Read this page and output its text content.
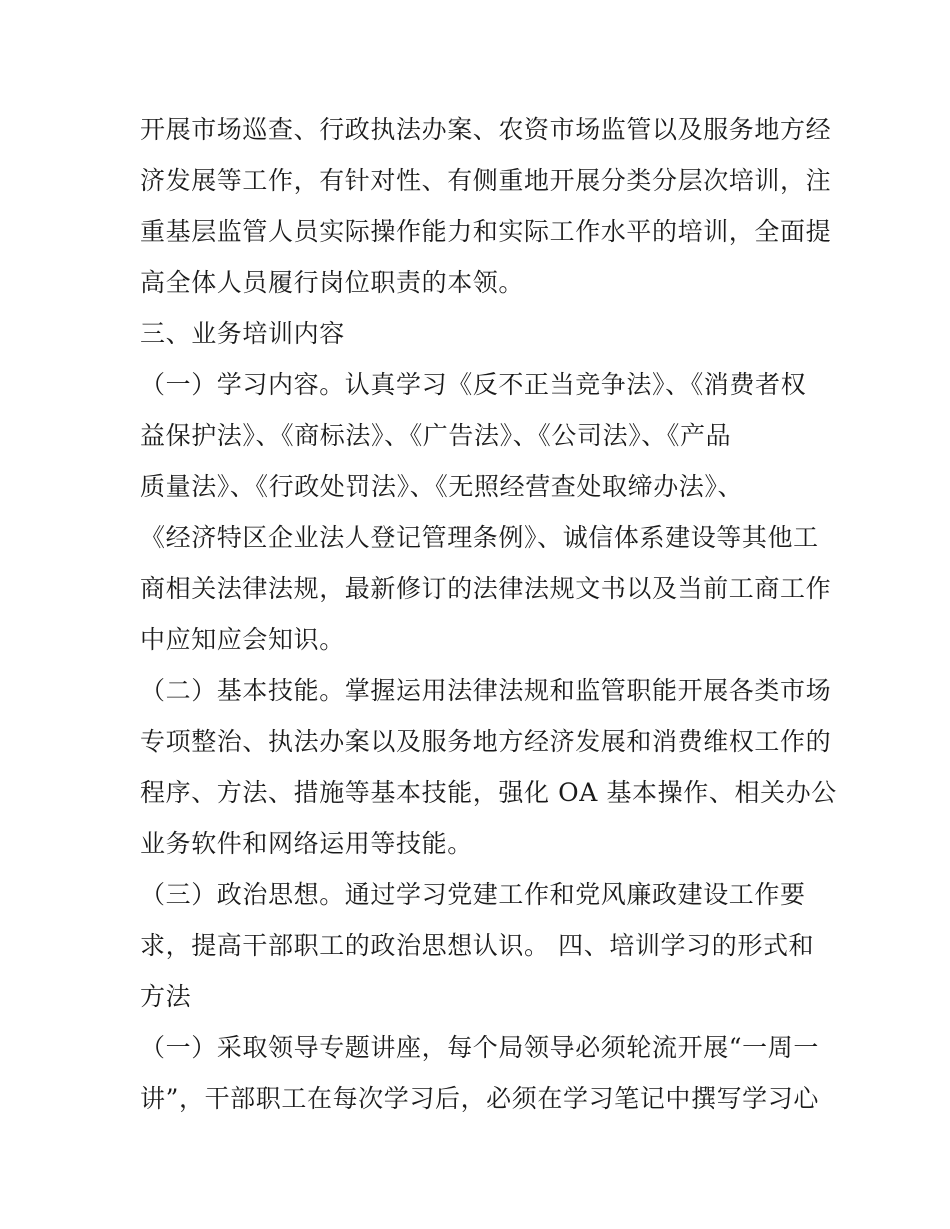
开展市场巡查、行政执法办案、农资市场监管以及服务地方经
济发展等工作，有针对性、有侧重地开展分类分层次培训，注
重基层监管人员实际操作能力和实际工作水平的培训，全面提
高全体人员履行岗位职责的本领。
三、业务培训内容
（一）学习内容。认真学习《反不正当竞争法》、《消费者权
益保护法》、《商标法》、《广告法》、《公司法》、《产品
质量法》、《行政处罚法》、《无照经营查处取缔办法》、
《经济特区企业法人登记管理条例》、诚信体系建设等其他工
商相关法律法规，最新修订的法律法规文书以及当前工商工作
中应知应会知识。
（二）基本技能。掌握运用法律法规和监管职能开展各类市场
专项整治、执法办案以及服务地方经济发展和消费维权工作的
程序、方法、措施等基本技能，强化 OA 基本操作、相关办公
业务软件和网络运用等技能。
（三）政治思想。通过学习党建工作和党风廉政建设工作要
求，提高干部职工的政治思想认识。 四、培训学习的形式和
方法
（一）采取领导专题讲座，每个局领导必须轮流开展“一周一
讲”，干部职工在每次学习后，必须在学习笔记中撰写学习心
